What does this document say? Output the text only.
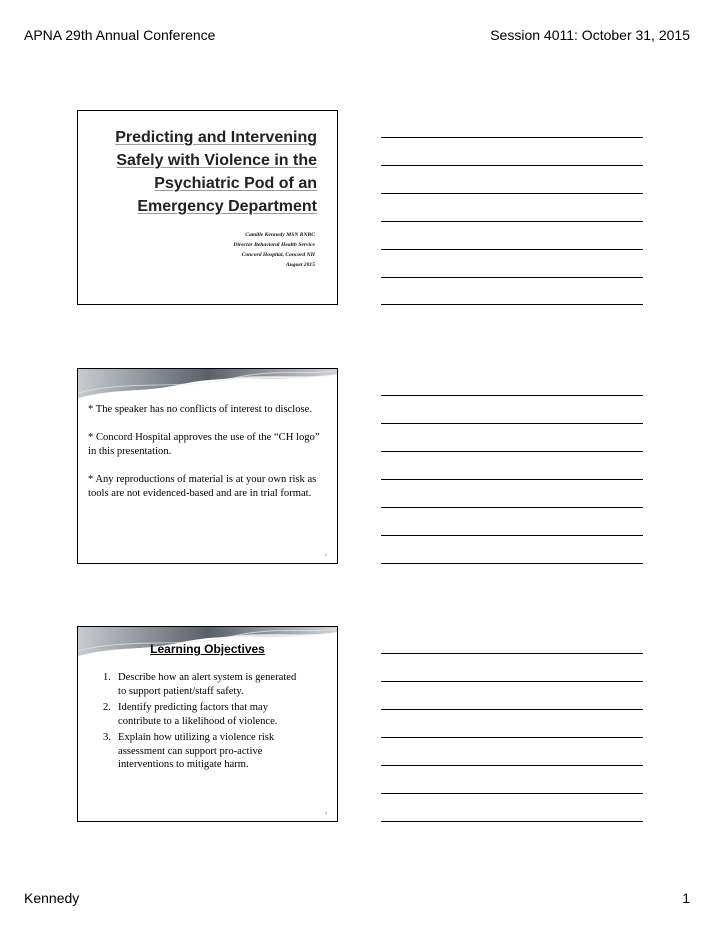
APNA 29th Annual Conference	Session 4011: October 31, 2015
Predicting and Intervening
Safely with Violence in the
Psychiatric Pod of an
Emergency Department
Camille Kennedy MSN RNBC
Director Behavioral Health Service
Concord Hospital, Concord NH
August 2015

* The speaker has no conflicts of interest to disclose.

* Concord Hospital approves the use of the “CH logo” in this presentation.

* Any reproductions of material is at your own risk as tools are not evidenced-based and are in trial format.

2
Learning Objectives
1. Describe how an alert system is generated to support patient/staff safety.
2. Identify predicting factors that may contribute to a likelihood of violence.
3. Explain how utilizing a violence risk assessment can support pro-active interventions to mitigate harm.
3
Kennedy	1
